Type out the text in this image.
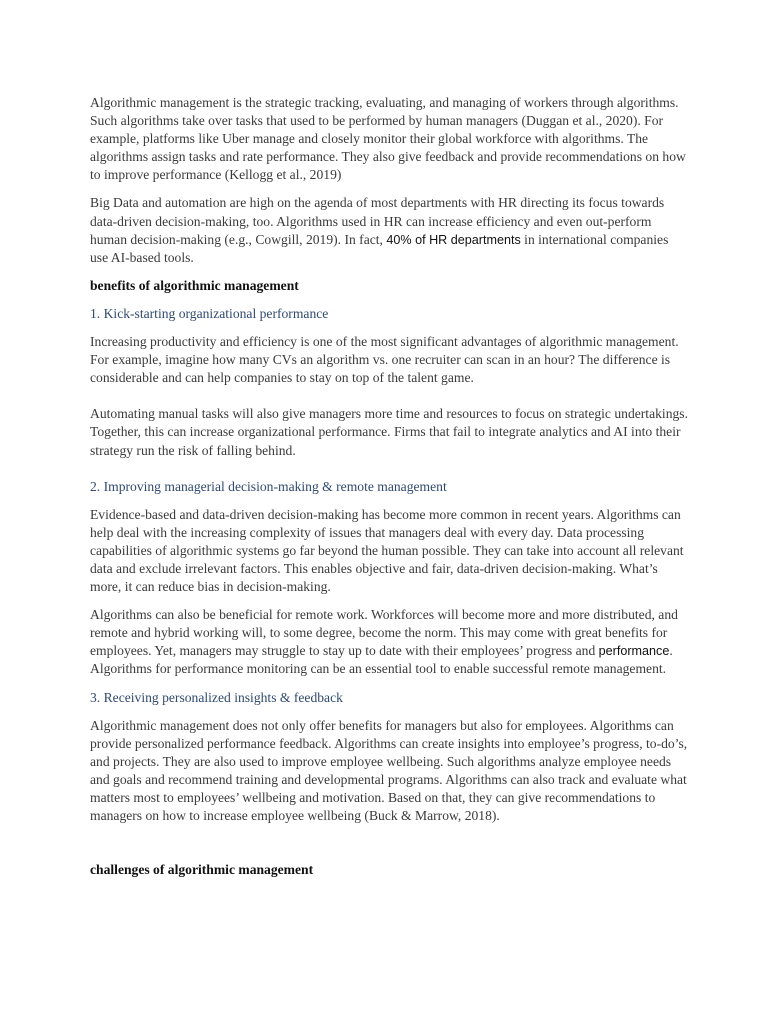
Algorithmic management is the strategic tracking, evaluating, and managing of workers through algorithms. Such algorithms take over tasks that used to be performed by human managers (Duggan et al., 2020). For example, platforms like Uber manage and closely monitor their global workforce with algorithms. The algorithms assign tasks and rate performance. They also give feedback and provide recommendations on how to improve performance (Kellogg et al., 2019)

Big Data and automation are high on the agenda of most departments with HR directing its focus towards data-driven decision-making, too. Algorithms used in HR can increase efficiency and even out-perform human decision-making (e.g., Cowgill, 2019). In fact, 40% of HR departments in international companies use AI-based tools.

benefits of algorithmic management

1. Kick-starting organizational performance

Increasing productivity and efficiency is one of the most significant advantages of algorithmic management. For example, imagine how many CVs an algorithm vs. one recruiter can scan in an hour? The difference is considerable and can help companies to stay on top of the talent game.

Automating manual tasks will also give managers more time and resources to focus on strategic undertakings. Together, this can increase organizational performance. Firms that fail to integrate analytics and AI into their strategy run the risk of falling behind.

2. Improving managerial decision-making & remote management

Evidence-based and data-driven decision-making has become more common in recent years. Algorithms can help deal with the increasing complexity of issues that managers deal with every day. Data processing capabilities of algorithmic systems go far beyond the human possible. They can take into account all relevant data and exclude irrelevant factors. This enables objective and fair, data-driven decision-making. What’s more, it can reduce bias in decision-making.

Algorithms can also be beneficial for remote work. Workforces will become more and more distributed, and remote and hybrid working will, to some degree, become the norm. This may come with great benefits for employees. Yet, managers may struggle to stay up to date with their employees’ progress and performance. Algorithms for performance monitoring can be an essential tool to enable successful remote management.

3. Receiving personalized insights & feedback

Algorithmic management does not only offer benefits for managers but also for employees. Algorithms can provide personalized performance feedback. Algorithms can create insights into employee’s progress, to-do’s, and projects. They are also used to improve employee wellbeing. Such algorithms analyze employee needs and goals and recommend training and developmental programs. Algorithms can also track and evaluate what matters most to employees’ wellbeing and motivation. Based on that, they can give recommendations to managers on how to increase employee wellbeing (Buck & Marrow, 2018).

challenges of algorithmic management
